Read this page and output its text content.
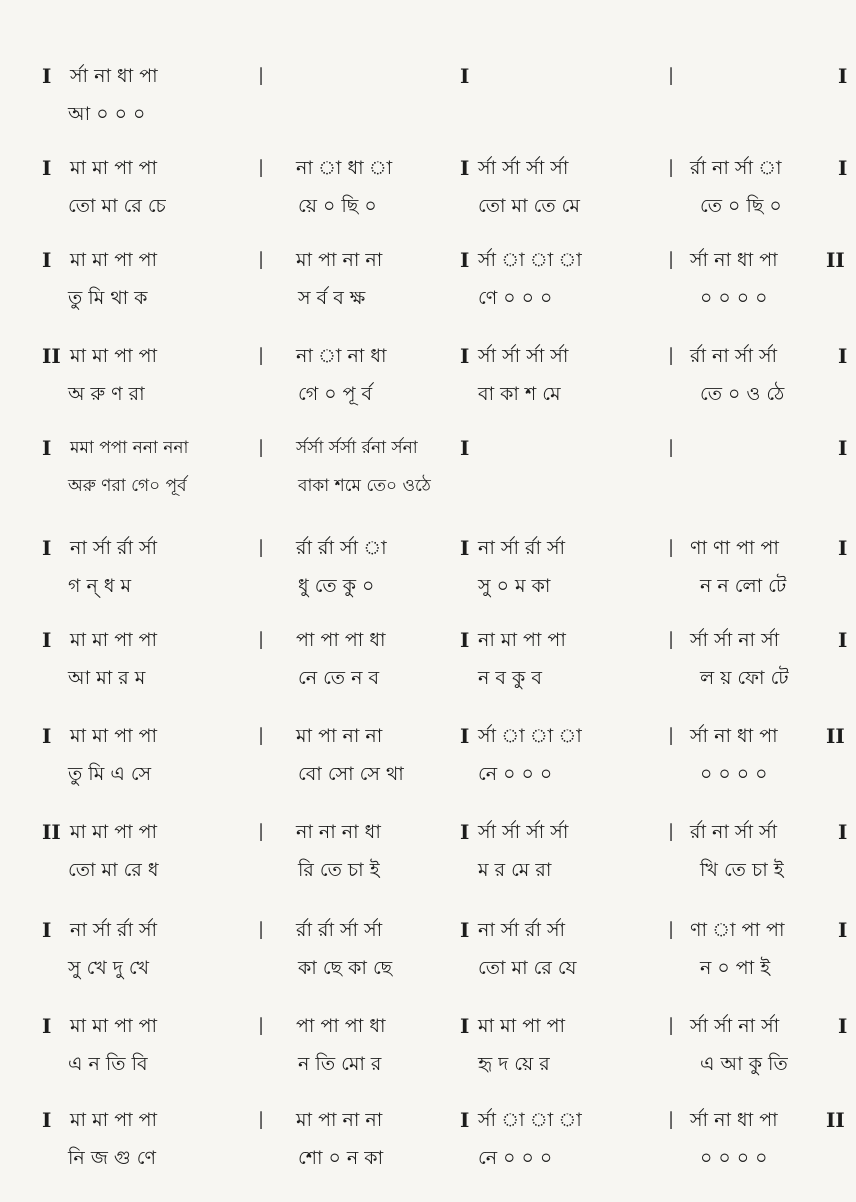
I র্সা না ধা পা	|	I	|	I
আ ০ ০ ০
I মা মা পা পা	| না া ধা া	I র্সা র্সা র্সা র্সা	| র্রা না র্সা া	I
তো মা রে চে	য়ে ০ ছি ০	তো মা তে মে	তে ০ ছি ০
I মা মা পা পা	| মা পা না না	I র্সা া া া	| র্সা না ধা পা II
তু মি থা ক	স র্ব ব ক্ষ	ণে ০ ০ ০	০ ০ ০ ০
II মা মা পা পা	| না া না ধা	I র্সা র্সা র্সা র্সা	| র্রা না র্সা র্সা	I
অ রু ণ রা	গে ০ পূ র্ব	বা কা শ মে	তে ০ ও ঠে
I মমা পপা ননা ননা	| র্সর্সা র্সর্সা র্রনা র্সনা I	|	I
অরু ণরা গে০ পূর্ব	বাকা শমে তে০ ওঠে
I না র্সা র্রা র্সা	| র্রা র্রা র্সা া	I না র্সা র্রা র্সা	| ণা ণা পা পা	I
গ ন্ ধ ম	ধু তে কু ০	সু ০ ম কা	ন ন লো টে
I মা মা পা পা	| পা পা পা ধা	I না মা পা পা	| র্সা র্সা না র্সা	I
আ মা র ম	নে তে ন ব	ন ব কু ব	ল য় ফো টে
I মা মা পা পা	| মা পা না না	I র্সা া া া	| র্সা না ধা পা II
তু মি এ সে	বো সো সে থা	নে ০ ০ ০	০ ০ ০ ০
II মা মা পা পা	| না না না ধা	I র্সা র্সা র্সা র্সা	| র্রা না র্সা র্সা	I
তো মা রে ধ	রি তে চা ই	ম র মে রা	খি তে চা ই
I না র্সা র্রা র্সা	| র্রা র্রা র্সা র্সা	I না র্সা র্রা র্সা	| ণা া পা পা	I
সু খে দু খে	কা ছে কা ছে	তো মা রে যে	ন ০ পা ই
I মা মা পা পা	| পা পা পা ধা	I মা মা পা পা	| র্সা র্সা না র্সা	I
এ ন তি বি	ন তি মো র	হৃ দ য়ে র	এ আ কু তি
I মা মা পা পা	| মা পা না না	I র্সা া া া	| র্সা না ধা পা II
নি জ গু ণে	শো ০ ন কা	নে ০ ০ ০	০ ০ ০ ০
